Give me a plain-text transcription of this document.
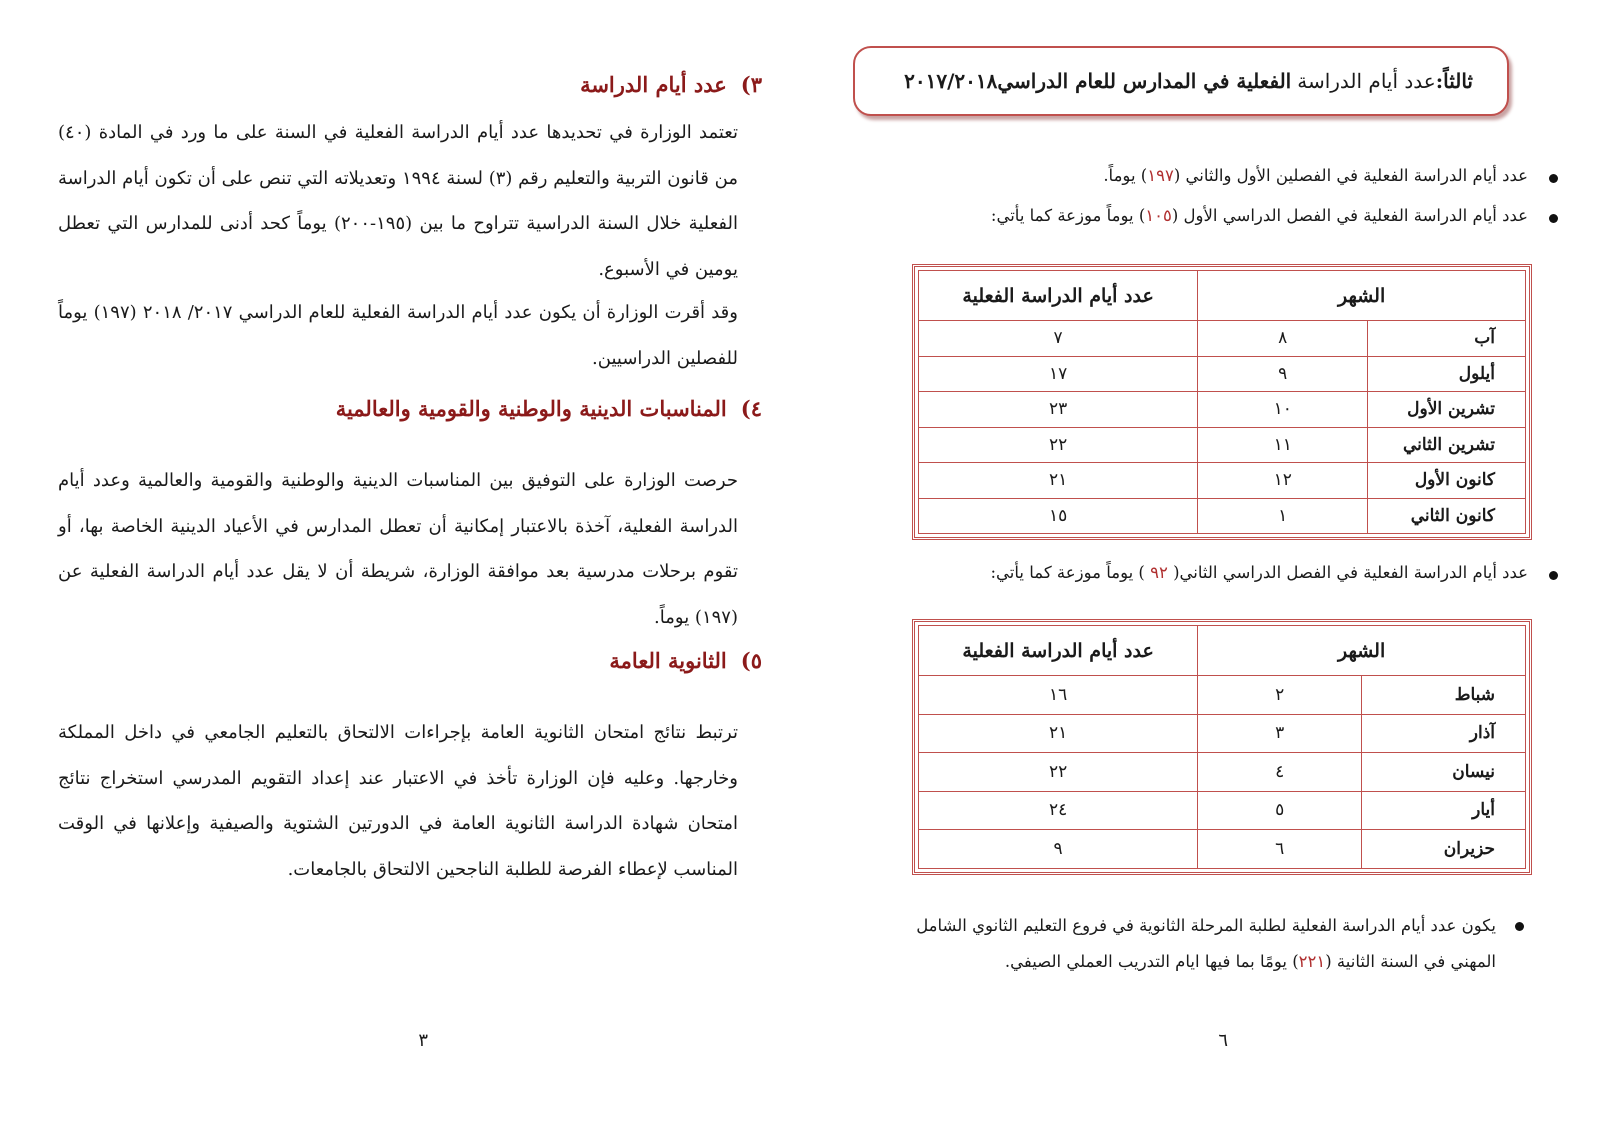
٣)عدد أيام الدراسة

تعتمد الوزارة في تحديدها عدد أيام الدراسة الفعلية في السنة على ما ورد في المادة (٤٠) من قانون التربية والتعليم رقم (٣) لسنة ١٩٩٤ وتعديلاته التي تنص على أن تكون أيام الدراسة الفعلية خلال السنة الدراسية تتراوح ما بين (١٩٥-٢٠٠) يوماً كحد أدنى للمدارس التي تعطل يومين في الأسبوع.

وقد أقرت الوزارة أن يكون عدد أيام الدراسة الفعلية للعام الدراسي ٢٠١٧/ ٢٠١٨ (١٩٧) يوماً للفصلين الدراسيين.

٤)المناسبات الدينية والوطنية والقومية والعالمية

حرصت الوزارة على التوفيق بين المناسبات الدينية والوطنية والقومية والعالمية وعدد أيام الدراسة الفعلية، آخذة بالاعتبار إمكانية أن تعطل المدارس في الأعياد الدينية الخاصة بها، أو تقوم برحلات مدرسية بعد موافقة الوزارة، شريطة أن لا يقل عدد أيام الدراسة الفعلية عن (١٩٧) يوماً.

٥)الثانوية العامة

ترتبط نتائج امتحان الثانوية العامة بإجراءات الالتحاق بالتعليم الجامعي في داخل المملكة وخارجها. وعليه فإن الوزارة تأخذ في الاعتبار عند إعداد التقويم المدرسي استخراج نتائج امتحان شهادة الدراسة الثانوية العامة في الدورتين الشتوية والصيفية وإعلانها في الوقت المناسب لإعطاء الفرصة للطلبة الناجحين الالتحاق بالجامعات.

٣

ثالثاً:
عدد أيام الدراسة
الفعلية في المدارس للعام الدراسي٢٠١٧/٢٠١٨

عدد أيام الدراسة الفعلية في الفصلين الأول والثاني (١٩٧) يوماً.

عدد أيام الدراسة الفعلية في الفصل الدراسي الأول (١٠٥) يوماً موزعة كما يأتي:

الشهر		عدد أيام الدراسة الفعلية
آب	٨	٧
أيلول	٩	١٧
تشرين الأول	١٠	٢٣
تشرين الثاني	١١	٢٢
كانون الأول	١٢	٢١
كانون الثاني	١	١٥

عدد أيام الدراسة الفعلية في الفصل الدراسي الثاني( ٩٢ ) يوماً موزعة كما يأتي:

الشهر		عدد أيام الدراسة الفعلية
شباط	٢	١٦
آذار	٣	٢١
نيسان	٤	٢٢
أيار	٥	٢٤
حزيران	٦	٩

يكون عدد أيام الدراسة الفعلية لطلبة المرحلة الثانوية في فروع التعليم الثانوي الشامل المهني في السنة الثانية (٢٢١) يومًا بما فيها ايام التدريب العملي الصيفي.

٦
